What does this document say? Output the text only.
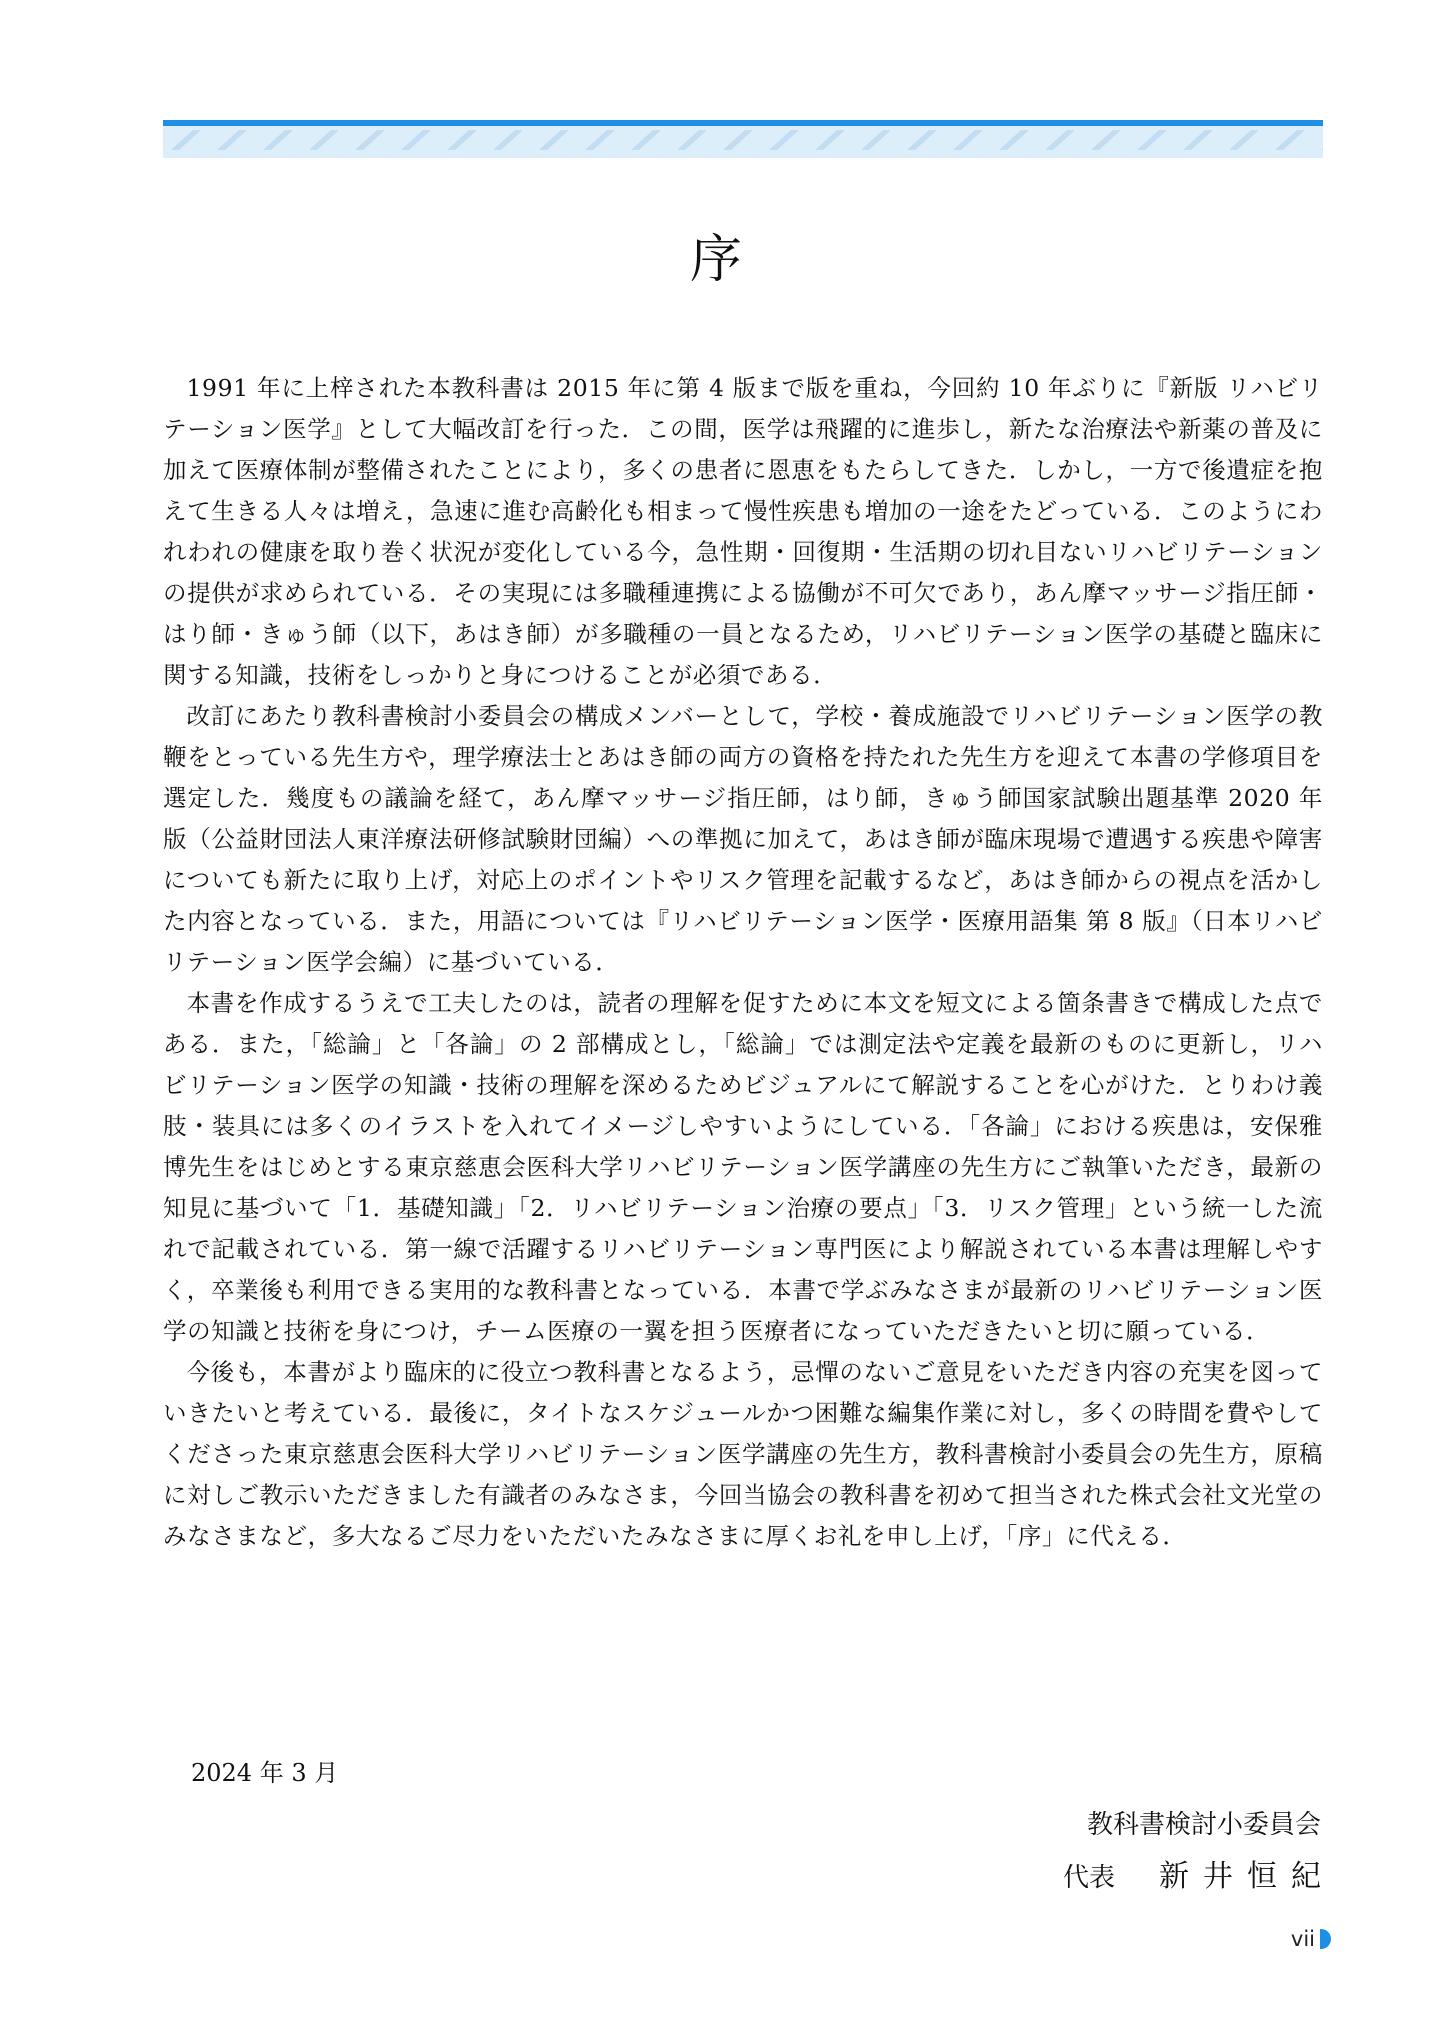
序

1991 年に上梓された本教科書は 2015 年に第 4 版まで版を重ね，今回約 10 年ぶりに『新版 リハビリテーション医学』として大幅改訂を行った．この間，医学は飛躍的に進歩し，新たな治療法や新薬の普及に加えて医療体制が整備されたことにより，多くの患者に恩恵をもたらしてきた．しかし，一方で後遺症を抱えて生きる人々は増え，急速に進む高齢化も相まって慢性疾患も増加の一途をたどっている．このようにわれわれの健康を取り巻く状況が変化している今，急性期・回復期・生活期の切れ目ないリハビリテーションの提供が求められている．その実現には多職種連携による協働が不可欠であり，あん摩マッサージ指圧師・はり師・きゅう師（以下，あはき師）が多職種の一員となるため，リハビリテーション医学の基礎と臨床に関する知識，技術をしっかりと身につけることが必須である．

改訂にあたり教科書検討小委員会の構成メンバーとして，学校・養成施設でリハビリテーション医学の教鞭をとっている先生方や，理学療法士とあはき師の両方の資格を持たれた先生方を迎えて本書の学修項目を選定した．幾度もの議論を経て，あん摩マッサージ指圧師，はり師，きゅう師国家試験出題基準 2020 年版（公益財団法人東洋療法研修試験財団編）への準拠に加えて，あはき師が臨床現場で遭遇する疾患や障害についても新たに取り上げ，対応上のポイントやリスク管理を記載するなど，あはき師からの視点を活かした内容となっている．また，用語については『リハビリテーション医学・医療用語集 第 8 版』（日本リハビリテーション医学会編）に基づいている．

本書を作成するうえで工夫したのは，読者の理解を促すために本文を短文による箇条書きで構成した点である．また，「総論」と「各論」の 2 部構成とし，「総論」では測定法や定義を最新のものに更新し，リハビリテーション医学の知識・技術の理解を深めるためビジュアルにて解説することを心がけた．とりわけ義肢・装具には多くのイラストを入れてイメージしやすいようにしている．「各論」における疾患は，安保雅博先生をはじめとする東京慈恵会医科大学リハビリテーション医学講座の先生方にご執筆いただき，最新の知見に基づいて「1．基礎知識」「2．リハビリテーション治療の要点」「3．リスク管理」という統一した流れで記載されている．第一線で活躍するリハビリテーション専門医により解説されている本書は理解しやすく，卒業後も利用できる実用的な教科書となっている．本書で学ぶみなさまが最新のリハビリテーション医学の知識と技術を身につけ，チーム医療の一翼を担う医療者になっていただきたいと切に願っている．

今後も，本書がより臨床的に役立つ教科書となるよう，忌憚のないご意見をいただき内容の充実を図っていきたいと考えている．最後に，タイトなスケジュールかつ困難な編集作業に対し，多くの時間を費やしてくださった東京慈恵会医科大学リハビリテーション医学講座の先生方，教科書検討小委員会の先生方，原稿に対しご教示いただきました有識者のみなさま，今回当協会の教科書を初めて担当された株式会社文光堂のみなさまなど，多大なるご尽力をいただいたみなさまに厚くお礼を申し上げ，「序」に代える．

2024 年 3 月
教科書検討小委員会
代表 新井恒紀
vii
